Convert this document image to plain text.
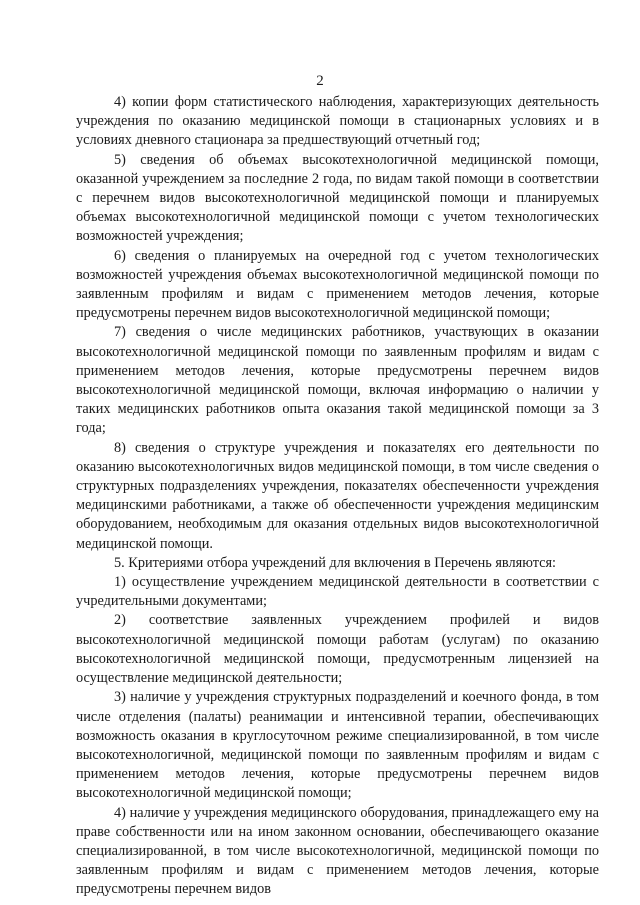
2

4) копии форм статистического наблюдения, характеризующих деятельность учреждения по оказанию медицинской помощи в стационарных условиях и в условиях дневного стационара за предшествующий отчетный год;

5) сведения об объемах высокотехнологичной медицинской помощи, оказанной учреждением за последние 2 года, по видам такой помощи в соответствии с перечнем видов высокотехнологичной медицинской помощи и планируемых объемах высокотехнологичной медицинской помощи с учетом технологических возможностей учреждения;

6) сведения о планируемых на очередной год с учетом технологических возможностей учреждения объемах высокотехнологичной медицинской помощи по заявленным профилям и видам с применением методов лечения, которые предусмотрены перечнем видов высокотехнологичной медицинской помощи;

7) сведения о числе медицинских работников, участвующих в оказании высокотехнологичной медицинской помощи по заявленным профилям и видам с применением методов лечения, которые предусмотрены перечнем видов высокотехнологичной медицинской помощи, включая информацию о наличии у таких медицинских работников опыта оказания такой медицинской помощи за 3 года;

8) сведения о структуре учреждения и показателях его деятельности по оказанию высокотехнологичных видов медицинской помощи, в том числе сведения о структурных подразделениях учреждения, показателях обеспеченности учреждения медицинскими работниками, а также об обеспеченности учреждения медицинским оборудованием, необходимым для оказания отдельных видов высокотехнологичной медицинской помощи.

5. Критериями отбора учреждений для включения в Перечень являются:

1) осуществление учреждением медицинской деятельности в соответствии с учредительными документами;

2) соответствие заявленных учреждением профилей и видов высокотехнологичной медицинской помощи работам (услугам) по оказанию высокотехнологичной медицинской помощи, предусмотренным лицензией на осуществление медицинской деятельности;

3) наличие у учреждения структурных подразделений и коечного фонда, в том числе отделения (палаты) реанимации и интенсивной терапии, обеспечивающих возможность оказания в круглосуточном режиме специализированной, в том числе высокотехнологичной, медицинской помощи по заявленным профилям и видам с применением методов лечения, которые предусмотрены перечнем видов высокотехнологичной медицинской помощи;

4) наличие у учреждения медицинского оборудования, принадлежащего ему на праве собственности или на ином законном основании, обеспечивающего оказание специализированной, в том числе высокотехнологичной, медицинской помощи по заявленным профилям и видам с применением методов лечения, которые предусмотрены перечнем видов
